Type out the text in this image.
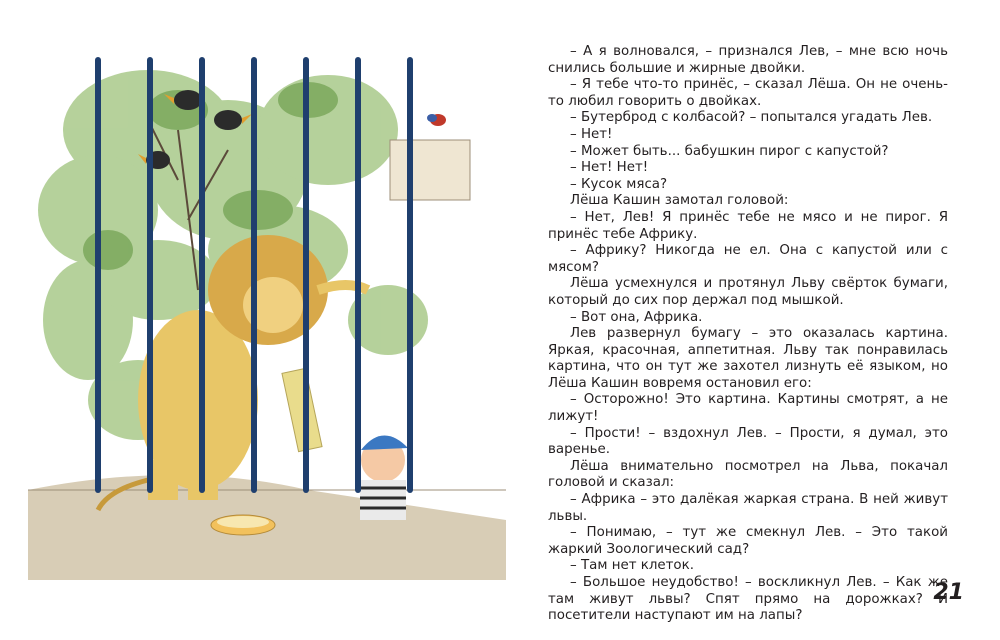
– А я волновался, – признался Лев, – мне всю ночь снились большие и жирные двойки.

– Я тебе что-то принёс, – сказал Лёша. Он не очень-то любил говорить о двойках.

– Бутерброд с колбасой? – попытался угадать Лев.

– Нет!

– Может быть... бабушкин пирог с капустой?

– Нет! Нет!

– Кусок мяса?

Лёша Кашин замотал головой:

– Нет, Лев! Я принёс тебе не мясо и не пирог. Я принёс тебе Африку.

– Африку? Никогда не ел. Она с капустой или с мясом?

Лёша усмехнулся и протянул Льву свёрток бумаги, который до сих пор держал под мышкой.

– Вот она, Африка.

Лев развернул бумагу – это оказалась картина. Яркая, красочная, аппетитная. Льву так понравилась картина, что он тут же захотел лизнуть её языком, но Лёша Кашин вовремя остановил его:

– Осторожно! Это картина. Картины смотрят, а не лижут!

– Прости! – вздохнул Лев. – Прости, я думал, это варенье.

Лёша внимательно посмотрел на Льва, покачал головой и сказал:

– Африка – это далёкая жаркая страна. В ней живут львы.

– Понимаю, – тут же смекнул Лев. – Это такой жаркий Зоологический сад?

– Там нет клеток.

– Большое неудобство! – воскликнул Лев. – Как же там живут львы? Спят прямо на дорожках? И посетители наступают им на лапы?

21
